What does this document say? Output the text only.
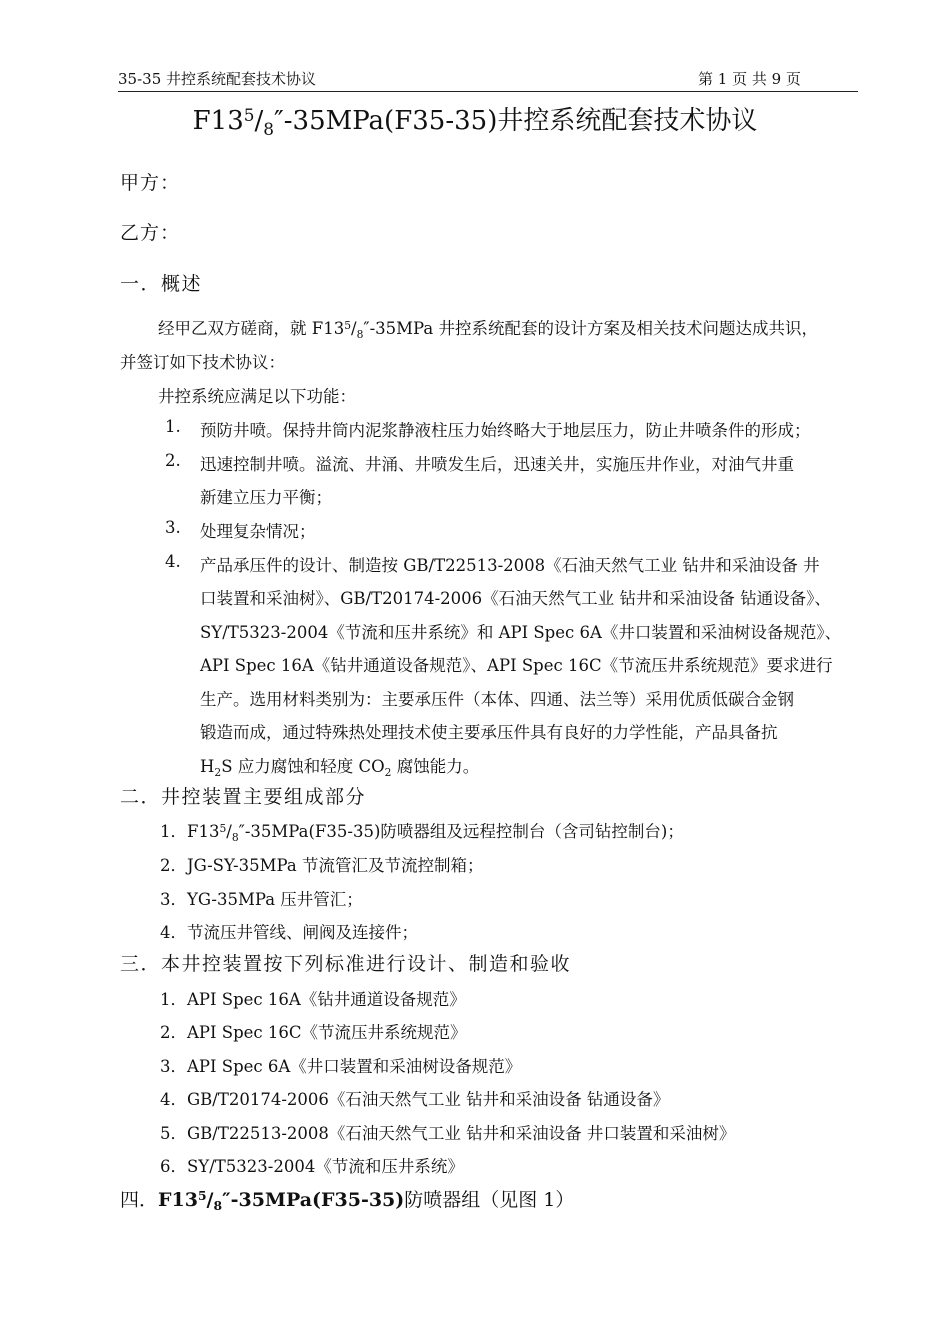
35-35 井控系统配套技术协议	第 1 页 共 9 页
$F13^5/_8''-35MPa(F35-35)$井控系统配套技术协议
甲方：
乙方：
一．概述
经甲乙双方磋商，就 $F13^5/_8''-35MPa$ 井控系统配套的设计方案及相关技术问题达成共识，
并签订如下技术协议：
井控系统应满足以下功能：
1. 预防井喷。保持井筒内泥浆静液柱压力始终略大于地层压力，防止井喷条件的形成；
2. 迅速控制井喷。溢流、井涌、井喷发生后，迅速关井，实施压井作业，对油气井重
新建立压力平衡；
3. 处理复杂情况；
4. 产品承压件的设计、制造按 GB/T22513-2008《石油天然气工业 钻井和采油设备 井
口装置和采油树》、GB/T20174-2006《石油天然气工业 钻井和采油设备 钻通设备》、
SY/T5323-2004《节流和压井系统》和 API Spec 6A《井口装置和采油树设备规范》、
API Spec 16A《钻井通道设备规范》、API Spec 16C《节流压井系统规范》要求进行
生产。选用材料类别为：主要承压件（本体、四通、法兰等）采用优质低碳合金钢
锻造而成，通过特殊热处理技术使主要承压件具有良好的力学性能，产品具备抗
$H_2S$ 应力腐蚀和轻度 $CO_2$ 腐蚀能力。
二．井控装置主要组成部分
1．$F13^5/_8''-35MPa(F35-35)$防喷器组及远程控制台（含司钻控制台)；
2．JG-SY-35MPa 节流管汇及节流控制箱；
3．YG-35MPa 压井管汇；
4．节流压井管线、闸阀及连接件；
三．本井控装置按下列标准进行设计、制造和验收
1．API Spec 16A《钻井通道设备规范》
2．API Spec 16C《节流压井系统规范》
3．API Spec 6A《井口装置和采油树设备规范》
4．GB/T20174-2006《石油天然气工业 钻井和采油设备 钻通设备》
5．GB/T22513-2008《石油天然气工业 钻井和采油设备 井口装置和采油树》
6．SY/T5323-2004《节流和压井系统》
四．$F13^5/_8''-35MPa(F35-35)$防喷器组（见图 1）
